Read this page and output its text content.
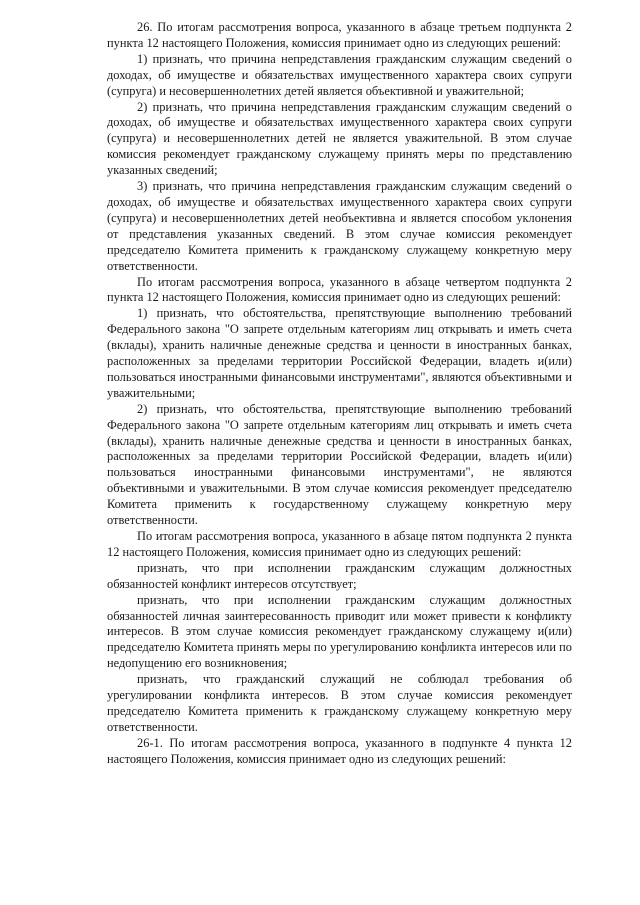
26. По итогам рассмотрения вопроса, указанного в абзаце третьем подпункта 2 пункта 12 настоящего Положения, комиссия принимает одно из следующих решений:

1) признать, что причина непредставления гражданским служащим сведений о доходах, об имуществе и обязательствах имущественного характера своих супруги (супруга) и несовершеннолетних детей является объективной и уважительной;

2) признать, что причина непредставления гражданским служащим сведений о доходах, об имуществе и обязательствах имущественного характера своих супруги (супруга) и несовершеннолетних детей не является уважительной. В этом случае комиссия рекомендует гражданскому служащему принять меры по представлению указанных сведений;

3) признать, что причина непредставления гражданским служащим сведений о доходах, об имуществе и обязательствах имущественного характера своих супруги (супруга) и несовершеннолетних детей необъективна и является способом уклонения от представления указанных сведений. В этом случае комиссия рекомендует председателю Комитета применить к гражданскому служащему конкретную меру ответственности.

По итогам рассмотрения вопроса, указанного в абзаце четвертом подпункта 2 пункта 12 настоящего Положения, комиссия принимает одно из следующих решений:

1) признать, что обстоятельства, препятствующие выполнению требований Федерального закона "О запрете отдельным категориям лиц открывать и иметь счета (вклады), хранить наличные денежные средства и ценности в иностранных банках, расположенных за пределами территории Российской Федерации, владеть и(или) пользоваться иностранными финансовыми инструментами", являются объективными и уважительными;

2) признать, что обстоятельства, препятствующие выполнению требований Федерального закона "О запрете отдельным категориям лиц открывать и иметь счета (вклады), хранить наличные денежные средства и ценности в иностранных банках, расположенных за пределами территории Российской Федерации, владеть и(или) пользоваться иностранными финансовыми инструментами", не являются объективными и уважительными. В этом случае комиссия рекомендует председателю Комитета применить к государственному служащему конкретную меру ответственности.

По итогам рассмотрения вопроса, указанного в абзаце пятом подпункта 2 пункта 12 настоящего Положения, комиссия принимает одно из следующих решений:

признать, что при исполнении гражданским служащим должностных обязанностей конфликт интересов отсутствует;

признать, что при исполнении гражданским служащим должностных обязанностей личная заинтересованность приводит или может привести к конфликту интересов. В этом случае комиссия рекомендует гражданскому служащему и(или) председателю Комитета принять меры по урегулированию конфликта интересов или по недопущению его возникновения;

признать, что гражданский служащий не соблюдал требования об урегулировании конфликта интересов. В этом случае комиссия рекомендует председателю Комитета применить к гражданскому служащему конкретную меру ответственности.

26-1. По итогам рассмотрения вопроса, указанного в подпункте 4 пункта 12 настоящего Положения, комиссия принимает одно из следующих решений:
